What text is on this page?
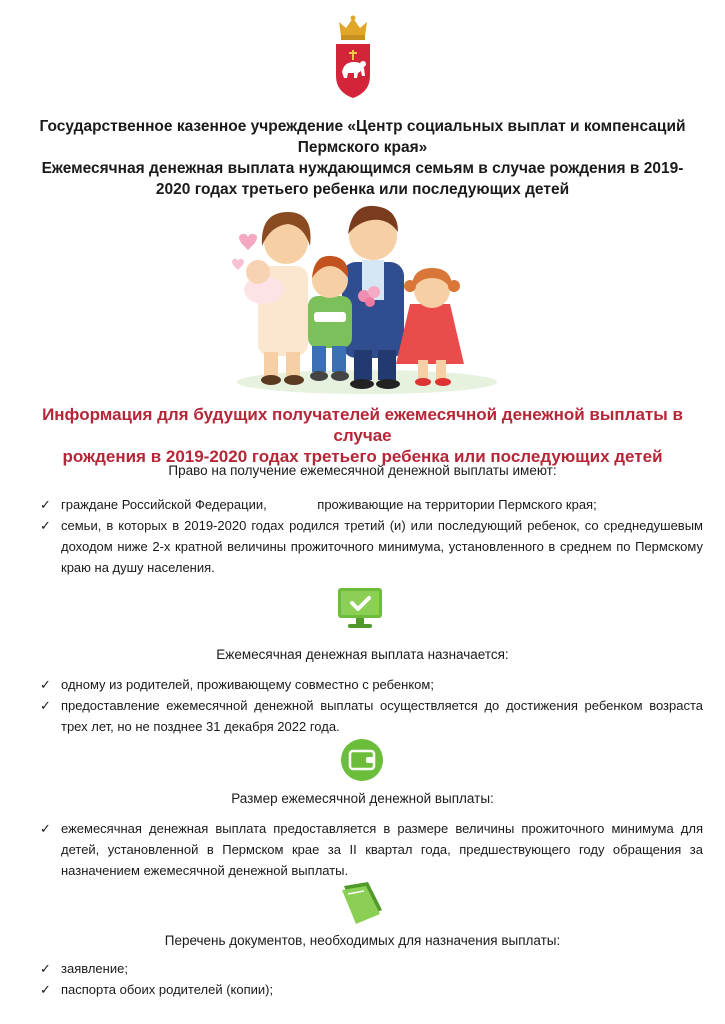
Государственное казенное учреждение «Центр социальных выплат и компенсаций
Пермского края»
Ежемесячная денежная выплата нуждающимся семьям в случае рождения в 2019-
2020 годах третьего ребенка или последующих детей
Информация для будущих получателей ежемесячной денежной выплаты в случае
рождения в 2019-2020 годах третьего ребенка или последующих детей
Право на получение ежемесячной денежной выплаты имеют:
✓ граждане Российской Федерации,              проживающие на территории Пермского края;
✓ семьи, в которых в 2019-2020 годах родился третий (и) или последующий ребенок, со среднедушевым доходом ниже 2-х кратной величины прожиточного минимума, установленного в среднем по Пермскому краю на душу населения.
Ежемесячная денежная выплата назначается:
✓ одному из родителей, проживающему совместно с ребенком;
✓ предоставление ежемесячной денежной выплаты осуществляется до достижения ребенком возраста трех лет, но не позднее 31 декабря 2022 года.
Размер ежемесячной денежной выплаты:
✓ ежемесячная денежная выплата предоставляется в размере величины прожиточного минимума для детей, установленной в Пермском крае за II квартал года, предшествующего году обращения за назначением ежемесячной денежной выплаты.
Перечень документов, необходимых для назначения выплаты:
✓ заявление;
✓ паспорта обоих родителей (копии);
